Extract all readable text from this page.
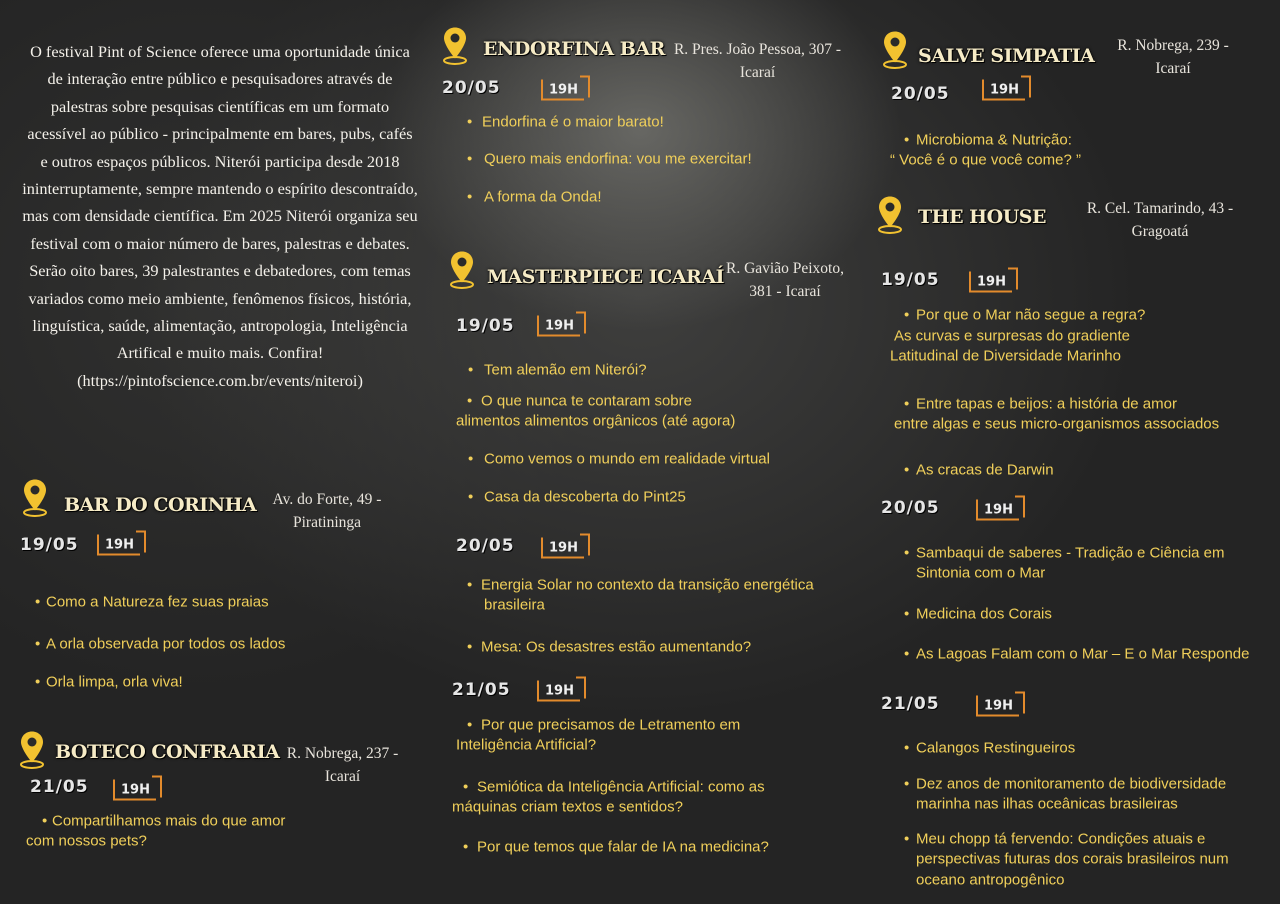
O festival Pint of Science oferece uma oportunidade única de interação entre público e pesquisadores através de palestras sobre pesquisas científicas em um formato acessível ao público - principalmente em bares, pubs, cafés e outros espaços públicos. Niterói participa desde 2018 ininterruptamente, sempre mantendo o espírito descontraído, mas com densidade científica. Em 2025 Niterói organiza seu festival com o maior número de bares, palestras e debates. Serão oito bares, 39 palestrantes e debatedores, com temas variados como meio ambiente, fenômenos físicos, história, linguística, saúde, alimentação, antropologia, Inteligência Artifical e muito mais. Confira! (https://pintofscience.com.br/events/niteroi)
BAR DO CORINHA	Av. do Forte, 49 - Piratininga
19/05	19H
• Como a Natureza fez suas praias
• A orla observada por todos os lados
• Orla limpa, orla viva!
BOTECO CONFRARIA R. Nobrega, 237 - Icaraí
21/05	19H
• Compartilhamos mais do que amor
com nossos pets?
ENDORFINA BAR R. Pres. João Pessoa, 307 - Icaraí
20/05	19H
• Endorfina é o maior barato!
• Quero mais endorfina: vou me exercitar!
• A forma da Onda!
MASTERPIECE ICARAÍ R. Gavião Peixoto, 381 - Icaraí
19/05	19H
• Tem alemão em Niterói?
• O que nunca te contaram sobre
alimentos alimentos orgânicos (até agora)
• Como vemos o mundo em realidade virtual
• Casa da descoberta do Pint25
20/05	19H
• Energia Solar no contexto da transição energética
brasileira
• Mesa: Os desastres estão aumentando?
21/05	19H
• Por que precisamos de Letramento em
Inteligência Artificial?
• Semiótica da Inteligência Artificial: como as
máquinas criam textos e sentidos?
• Por que temos que falar de IA na medicina?
SALVE SIMPATIA	R. Nobrega, 239 - Icaraí
20/05	19H
• Microbioma & Nutrição:
“ Você é o que você come? ”
THE HOUSE	R. Cel. Tamarindo, 43 - Gragoatá
19/05	19H
• Por que o Mar não segue a regra?
As curvas e surpresas do gradiente
Latitudinal de Diversidade Marinho
• Entre tapas e beijos: a história de amor
entre algas e seus micro-organismos associados
• As cracas de Darwin
20/05	19H
• Sambaqui de saberes - Tradição e Ciência em
Sintonia com o Mar
• Medicina dos Corais
• As Lagoas Falam com o Mar – E o Mar Responde
21/05	19H
• Calangos Restingueiros
• Dez anos de monitoramento de biodiversidade
marinha nas ilhas oceânicas brasileiras
• Meu chopp tá fervendo: Condições atuais e
perspectivas futuras dos corais brasileiros num
oceano antropogênico
